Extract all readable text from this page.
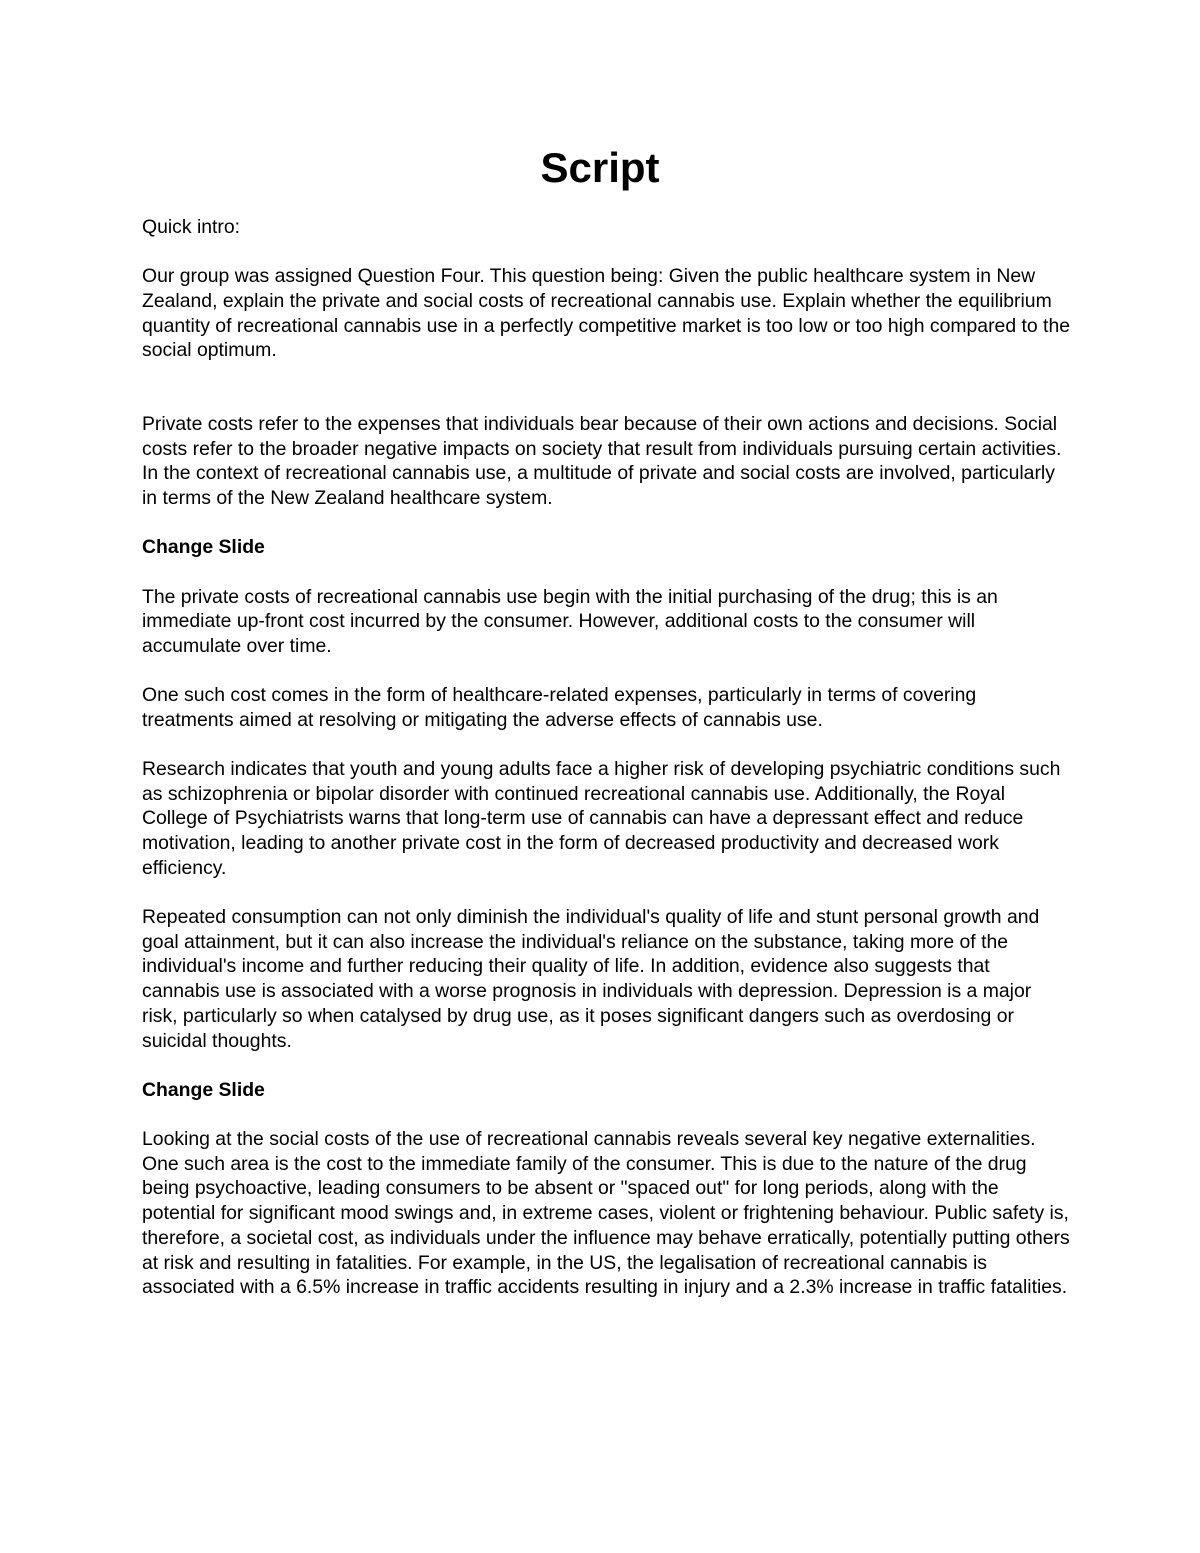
Script

Quick intro:

Our group was assigned Question Four. This question being: Given the public healthcare system in New Zealand, explain the private and social costs of recreational cannabis use. Explain whether the equilibrium quantity of recreational cannabis use in a perfectly competitive market is too low or too high compared to the social optimum.

Private costs refer to the expenses that individuals bear because of their own actions and decisions. Social costs refer to the broader negative impacts on society that result from individuals pursuing certain activities. In the context of recreational cannabis use, a multitude of private and social costs are involved, particularly in terms of the New Zealand healthcare system.

Change Slide

The private costs of recreational cannabis use begin with the initial purchasing of the drug; this is an immediate up-front cost incurred by the consumer. However, additional costs to the consumer will accumulate over time.

One such cost comes in the form of healthcare-related expenses, particularly in terms of covering treatments aimed at resolving or mitigating the adverse effects of cannabis use.

Research indicates that youth and young adults face a higher risk of developing psychiatric conditions such as schizophrenia or bipolar disorder with continued recreational cannabis use. Additionally, the Royal College of Psychiatrists warns that long-term use of cannabis can have a depressant effect and reduce motivation, leading to another private cost in the form of decreased productivity and decreased work efficiency.

Repeated consumption can not only diminish the individual's quality of life and stunt personal growth and goal attainment, but it can also increase the individual's reliance on the substance, taking more of the individual's income and further reducing their quality of life. In addition, evidence also suggests that cannabis use is associated with a worse prognosis in individuals with depression. Depression is a major risk, particularly so when catalysed by drug use, as it poses significant dangers such as overdosing or suicidal thoughts.

Change Slide

Looking at the social costs of the use of recreational cannabis reveals several key negative externalities. One such area is the cost to the immediate family of the consumer. This is due to the nature of the drug being psychoactive, leading consumers to be absent or "spaced out" for long periods, along with the potential for significant mood swings and, in extreme cases, violent or frightening behaviour. Public safety is, therefore, a societal cost, as individuals under the influence may behave erratically, potentially putting others at risk and resulting in fatalities. For example, in the US, the legalisation of recreational cannabis is associated with a 6.5% increase in traffic accidents resulting in injury and a 2.3% increase in traffic fatalities.
